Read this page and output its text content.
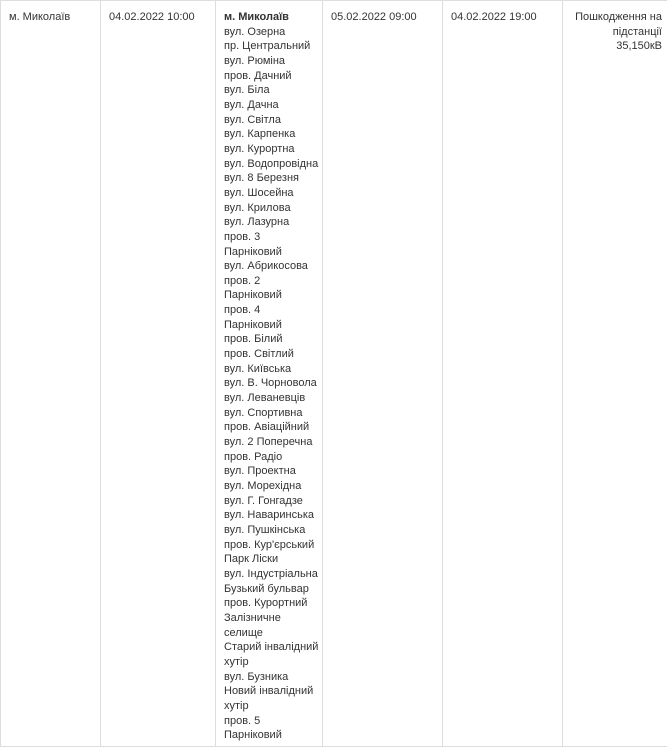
м. Миколаїв	04.02.2022 10:00	м. Миколаїв
вул. Озерна
пр. Центральний
вул. Рюміна
пров. Дачний
вул. Біла
вул. Дачна
вул. Світла
вул. Карпенка
вул. Курортна
вул. Водопровідна
вул. 8 Березня
вул. Шосейна
вул. Крилова
вул. Лазурна
пров. 3
Парніковий
вул. Абрикосова
пров. 2
Парніковий
пров. 4
Парніковий
пров. Білий
пров. Світлий
вул. Київська
вул. В. Чорновола
вул. Леваневців
вул. Спортивна
пров. Авіаційний
вул. 2 Поперечна
пров. Радіо
вул. Проектна
вул. Морехідна
вул. Г. Гонгадзе
вул. Наваринська
вул. Пушкінська
пров. Кур'єрський
Парк Ліски
вул. Індустріальна
Бузький бульвар
пров. Курортний
Залізничне
селище
Старий інвалідний
хутір
вул. Бузника
Новий інвалідний
хутір
пров. 5
Парніковий
	05.02.2022 09:00	04.02.2022 19:00	Пошкодження на
підстанції 35,150кВ
